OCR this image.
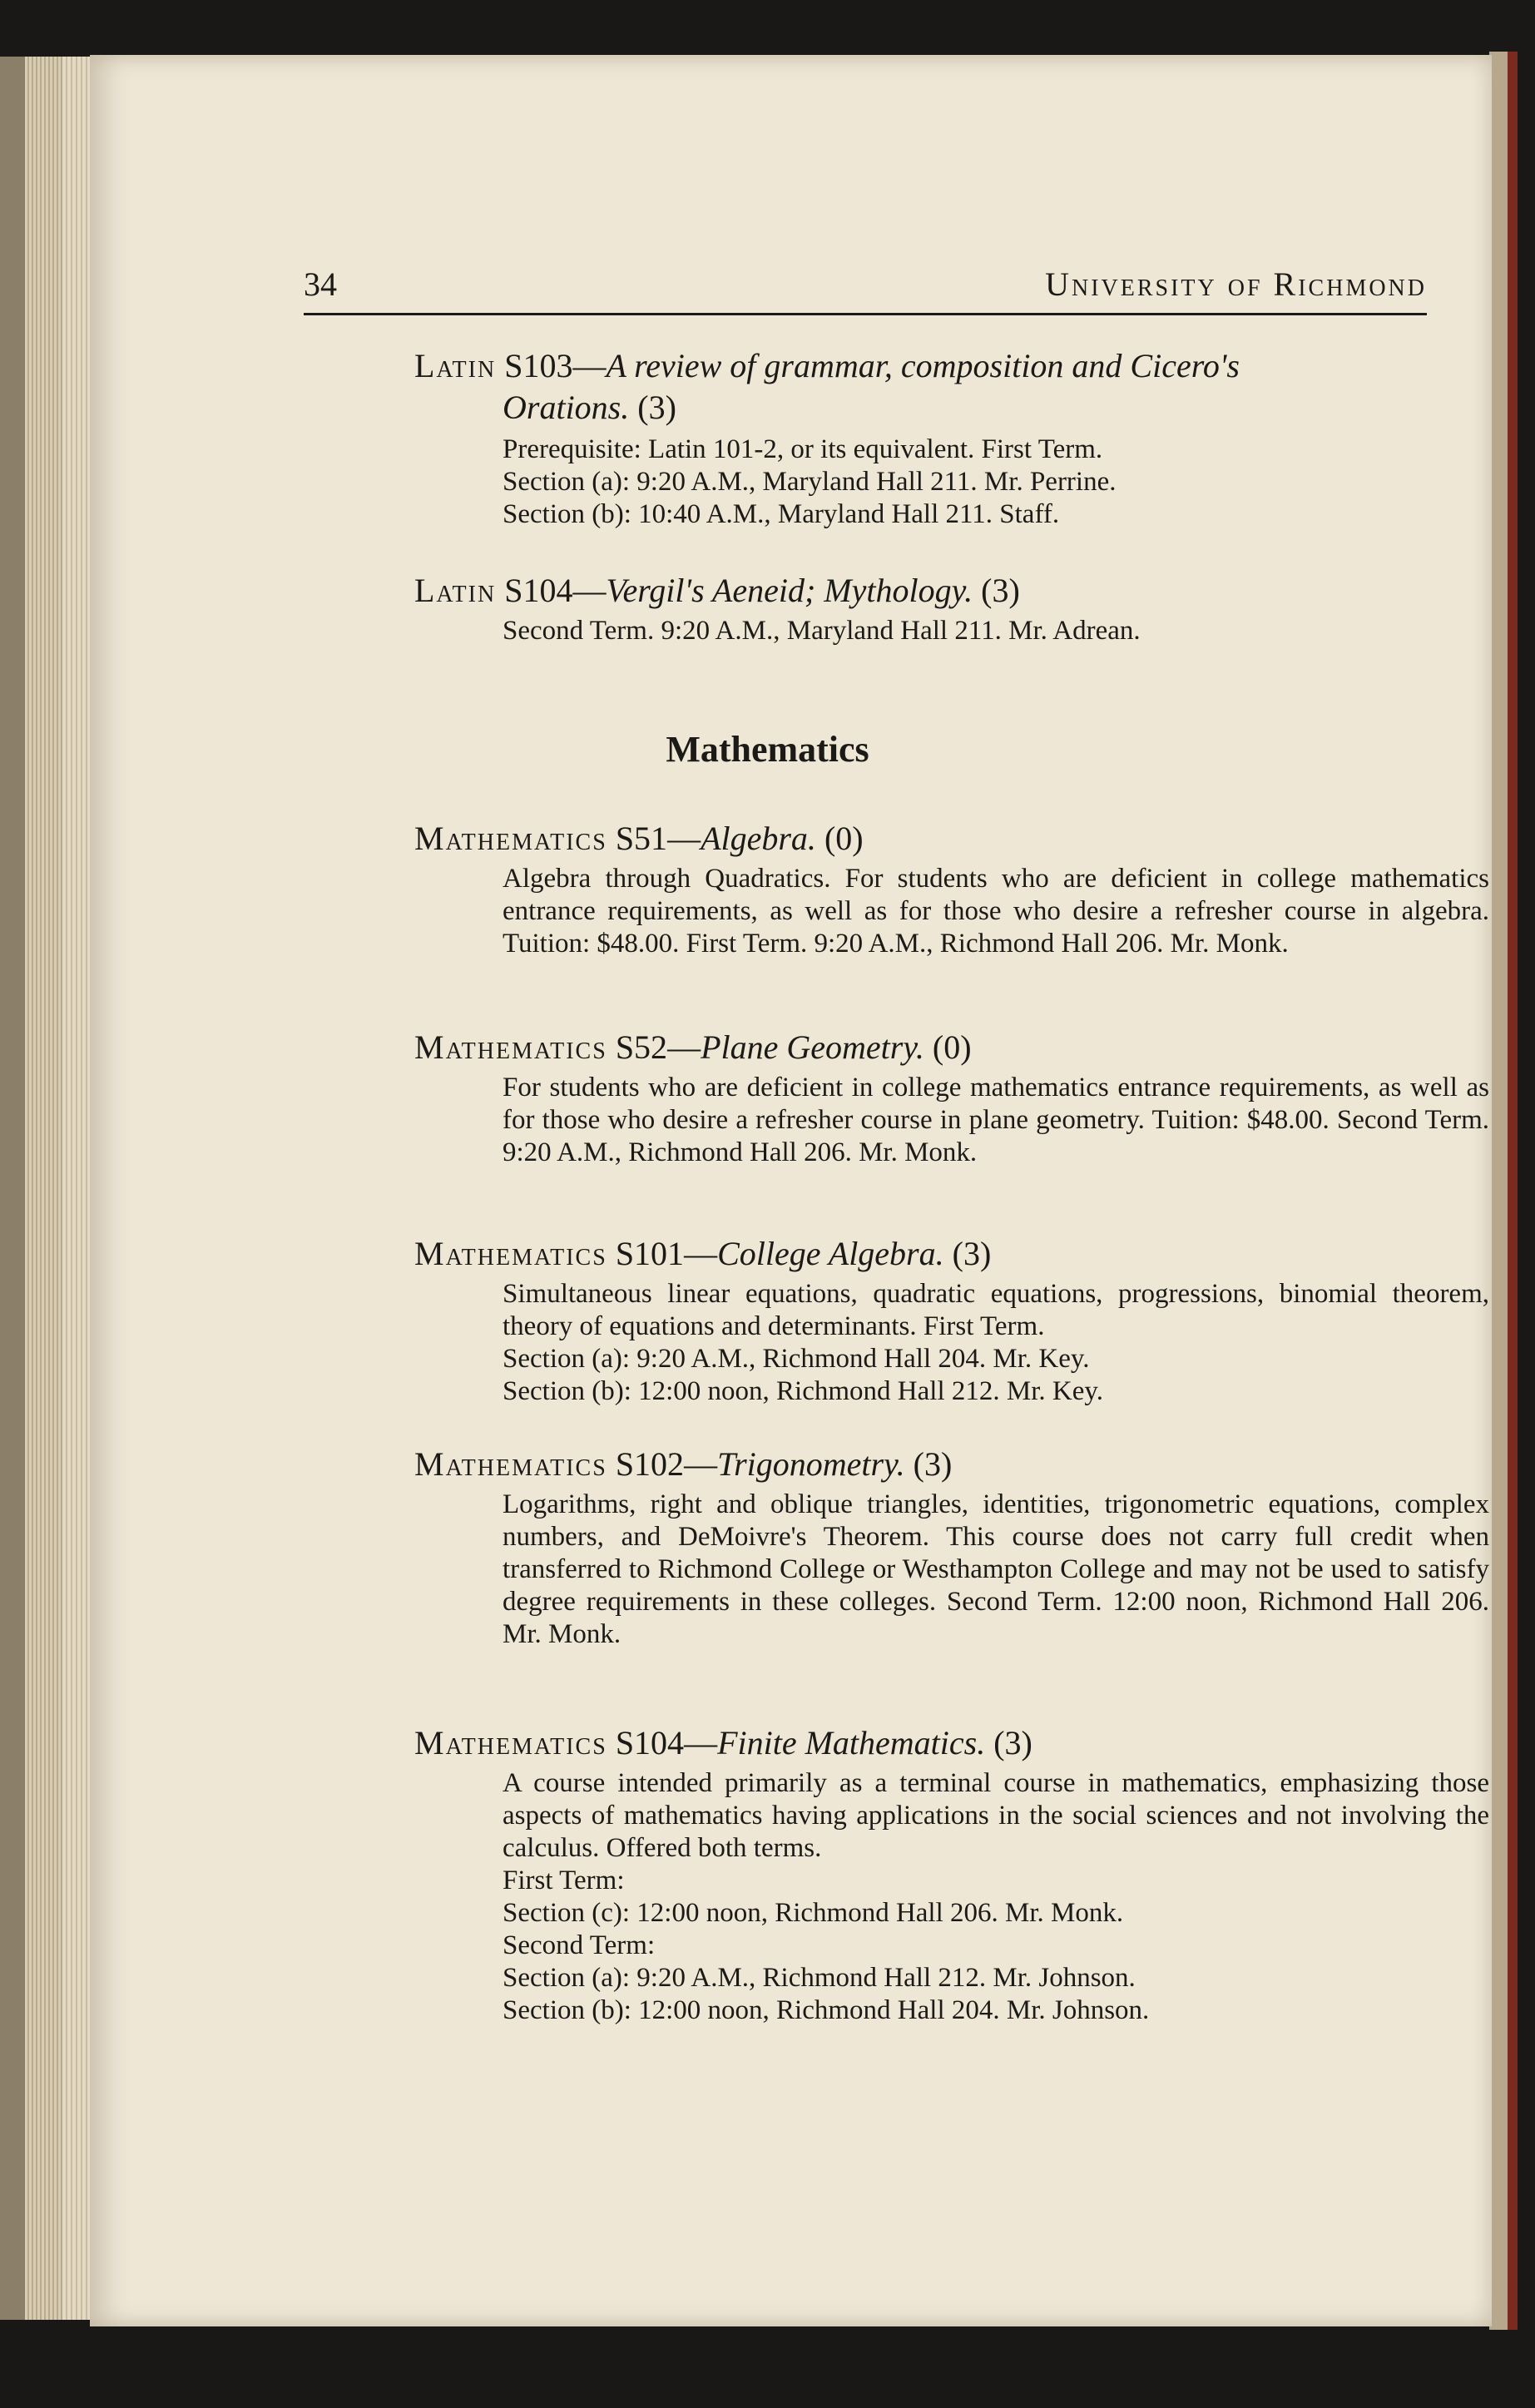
34	University of Richmond
Latin S103—A review of grammar, composition and Cicero's
Orations. (3)

Prerequisite: Latin 101-2, or its equivalent. First Term.

Section (a): 9:20 A.M., Maryland Hall 211. Mr. Perrine.

Section (b): 10:40 A.M., Maryland Hall 211. Staff.

Latin S104—Vergil's Aeneid; Mythology. (3)

Second Term. 9:20 A.M., Maryland Hall 211. Mr. Adrean.

Mathematics
Mathematics S51—Algebra. (0)

Algebra through Quadratics. For students who are deficient in college mathematics entrance requirements, as well as for those who desire a refresher course in algebra. Tuition: $48.00. First Term. 9:20 A.M., Richmond Hall 206. Mr. Monk.

Mathematics S52—Plane Geometry. (0)

For students who are deficient in college mathematics entrance requirements, as well as for those who desire a refresher course in plane geometry. Tuition: $48.00. Second Term. 9:20 A.M., Richmond Hall 206. Mr. Monk.

Mathematics S101—College Algebra. (3)

Simultaneous linear equations, quadratic equations, progressions, binomial theorem, theory of equations and determinants. First Term.

Section (a): 9:20 A.M., Richmond Hall 204. Mr. Key.

Section (b): 12:00 noon, Richmond Hall 212. Mr. Key.

Mathematics S102—Trigonometry. (3)

Logarithms, right and oblique triangles, identities, trigonometric equations, complex numbers, and DeMoivre's Theorem. This course does not carry full credit when transferred to Richmond College or Westhampton College and may not be used to satisfy degree requirements in these colleges. Second Term. 12:00 noon, Richmond Hall 206. Mr. Monk.

Mathematics S104—Finite Mathematics. (3)

A course intended primarily as a terminal course in mathematics, emphasizing those aspects of mathematics having applications in the social sciences and not involving the calculus. Offered both terms.

First Term:

Section (c): 12:00 noon, Richmond Hall 206. Mr. Monk.

Second Term:

Section (a): 9:20 A.M., Richmond Hall 212. Mr. Johnson.

Section (b): 12:00 noon, Richmond Hall 204. Mr. Johnson.
